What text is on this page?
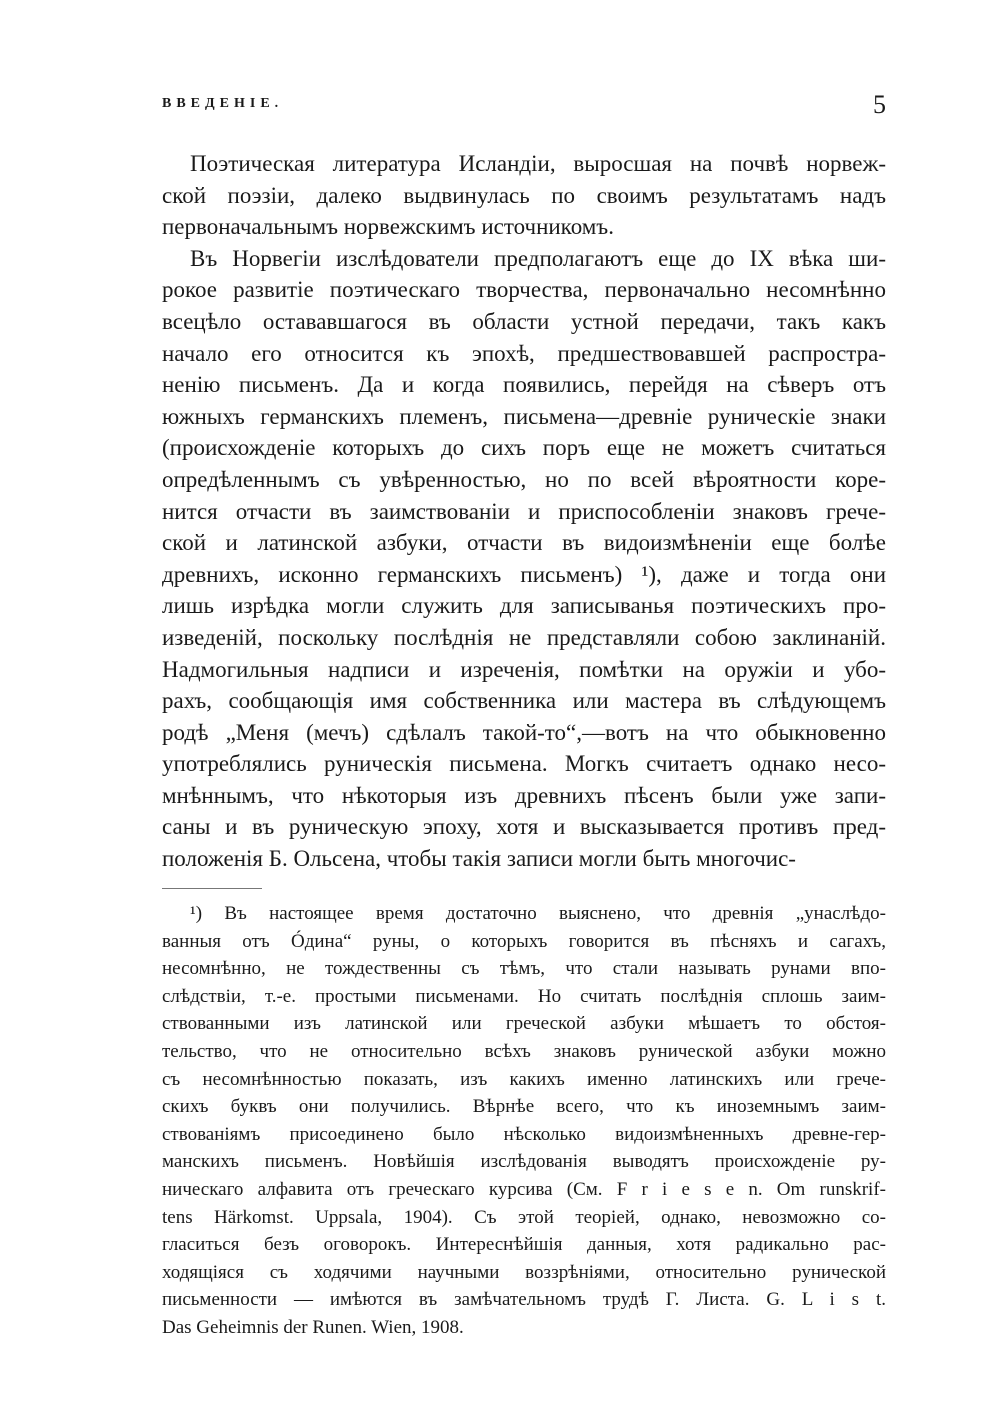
ВВЕДЕНІЕ.	5
Поэтическая литература Исландіи, выросшая на почвѣ норвеж-
ской поэзіи, далеко выдвинулась по своимъ результатамъ надъ
первоначальнымъ норвежскимъ источникомъ.
Въ Норвегіи изслѣдователи предполагаютъ еще до IX вѣка ши-
рокое развитіе поэтическаго творчества, первоначально несомнѣнно
всецѣло остававшагося въ области устной передачи, такъ какъ
начало его относится къ эпохѣ, предшествовавшей распростра-
ненію письменъ. Да и когда появились, перейдя на сѣверъ отъ
южныхъ германскихъ племенъ, письмена—древніе руническіе знаки
(происхожденіе которыхъ до сихъ поръ еще не можетъ считаться
опредѣленнымъ съ увѣренностью, но по всей вѣроятности коре-
нится отчасти въ заимствованіи и приспособленіи знаковъ грече-
ской и латинской азбуки, отчасти въ видоизмѣненіи еще болѣе
древнихъ, исконно германскихъ письменъ) ¹), даже и тогда они
лишь изрѣдка могли служить для записыванья поэтическихъ про-
изведеній, поскольку послѣднія не представляли собою заклинаній.
Надмогильныя надписи и изреченія, помѣтки на оружіи и убо-
рахъ, сообщающія имя собственника или мастера въ слѣдующемъ
родѣ „Меня (мечъ) сдѣлалъ такой-то“,—вотъ на что обыкновенно
употреблялись руническія письмена. Могкъ считаетъ однако несо-
мнѣннымъ, что нѣкоторыя изъ древнихъ пѣсенъ были уже запи-
саны и въ руническую эпоху, хотя и высказывается противъ пред-
положенія Б. Ольсена, чтобы такія записи могли быть многочис-
¹) Въ настоящее время достаточно выяснено, что древнія „унаслѣдо-
ванныя отъ Óдина“ руны, о которыхъ говорится въ пѣсняхъ и сагахъ,
несомнѣнно, не тождественны съ тѣмъ, что стали называть рунами впо-
слѣдствіи, т.-е. простыми письменами. Но считать послѣднія сплошь заим-
ствованными изъ латинской или греческой азбуки мѣшаетъ то обстоя-
тельство, что не относительно всѣхъ знаковъ рунической азбуки можно
съ несомнѣнностью показать, изъ какихъ именно латинскихъ или грече-
скихъ буквъ они получились. Вѣрнѣе всего, что къ иноземнымъ заим-
ствованіямъ присоединено было нѣсколько видоизмѣненныхъ древне-гер-
манскихъ письменъ. Новѣйшія изслѣдованія выводятъ происхожденіе ру-
ническаго алфавита отъ греческаго курсива (См. F r i e s e n. Om runskrif-
tens Härkomst. Uppsala, 1904). Съ этой теоріей, однако, невозможно со-
гласиться безъ оговорокъ. Интереснѣйшія данныя, хотя радикально рас-
ходящіяся съ ходячими научными воззрѣніями, относительно рунической
письменности — имѣются въ замѣчательномъ трудѣ Г. Листа. G. L i s t.
Das Geheimnis der Runen. Wien, 1908.
